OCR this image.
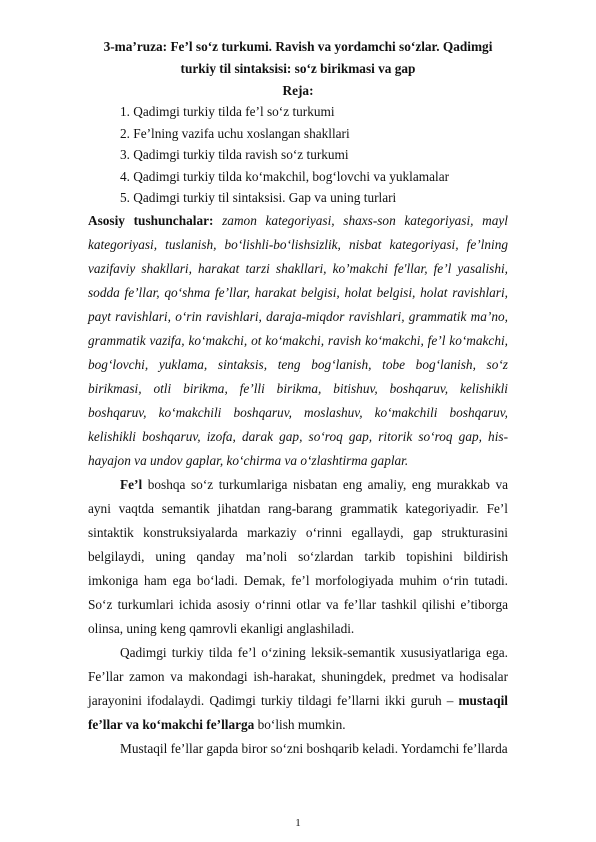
3-ma’ruza: Fe’l so‘z turkumi. Ravish va yordamchi so‘zlar. Qadimgi turkiy til sintaksisi: so‘z birikmasi va gap

Reja:

1. Qadimgi turkiy tilda fe’l so‘z turkumi
2. Fe’lning vazifa uchu xoslangan shakllari
3. Qadimgi turkiy tilda ravish so‘z turkumi
4. Qadimgi turkiy tilda ko‘makchil, bog‘lovchi va yuklamalar
5. Qadimgi turkiy til sintaksisi. Gap va uning turlari

Asosiy tushunchalar: zamon kategoriyasi, shaxs-son kategoriyasi, mayl kategoriyasi, tuslanish, bo‘lishli-bo‘lishsizlik, nisbat kategoriyasi, fe’lning vazifaviy shakllari, harakat tarzi shakllari, ko’makchi fe'llar, fe’l yasalishi, sodda fe’llar, qo‘shma fe’llar, harakat belgisi, holat belgisi, holat ravishlari, payt ravishlari, o‘rin ravishlari, daraja-miqdor ravishlari, grammatik ma’no, grammatik vazifa, ko‘makchi, ot ko‘makchi, ravish ko‘makchi, fe’l ko‘makchi, bog‘lovchi, yuklama, sintaksis, teng bog‘lanish, tobe bog‘lanish, so‘z birikmasi, otli birikma, fe’lli birikma, bitishuv, boshqaruv, kelishikli boshqaruv, ko‘makchili boshqaruv, moslashuv, ko‘makchili boshqaruv, kelishikli boshqaruv, izofa, darak gap, so‘roq gap, ritorik so‘roq gap, his-hayajon va undov gaplar, ko‘chirma va o‘zlashtirma gaplar.

Fe’l boshqa so‘z turkumlariga nisbatan eng amaliy, eng murakkab va ayni vaqtda semantik jihatdan rang-barang grammatik kategoriyadir. Fe’l sintaktik konstruksiyalarda markaziy o‘rinni egallaydi, gap strukturasini belgilaydi, uning qanday ma’noli so‘zlardan tarkib topishini bildirish imkoniga ham ega bo‘ladi. Demak, fe’l morfologiyada muhim o‘rin tutadi. So‘z turkumlari ichida asosiy o‘rinni otlar va fe’llar tashkil qilishi e’tiborga olinsa, uning keng qamrovli ekanligi anglashiladi.

Qadimgi turkiy tilda fe’l o‘zining leksik-semantik xususiyatlariga ega. Fe’llar zamon va makondagi ish-harakat, shuningdek, predmet va hodisalar jarayonini ifodalaydi. Qadimgi turkiy tildagi fe’llarni ikki guruh – mustaqil fe’llar va ko‘makchi fe’llarga bo‘lish mumkin.

Mustaqil fe’llar gapda biror so‘zni boshqarib keladi. Yordamchi fe’llarda

1
